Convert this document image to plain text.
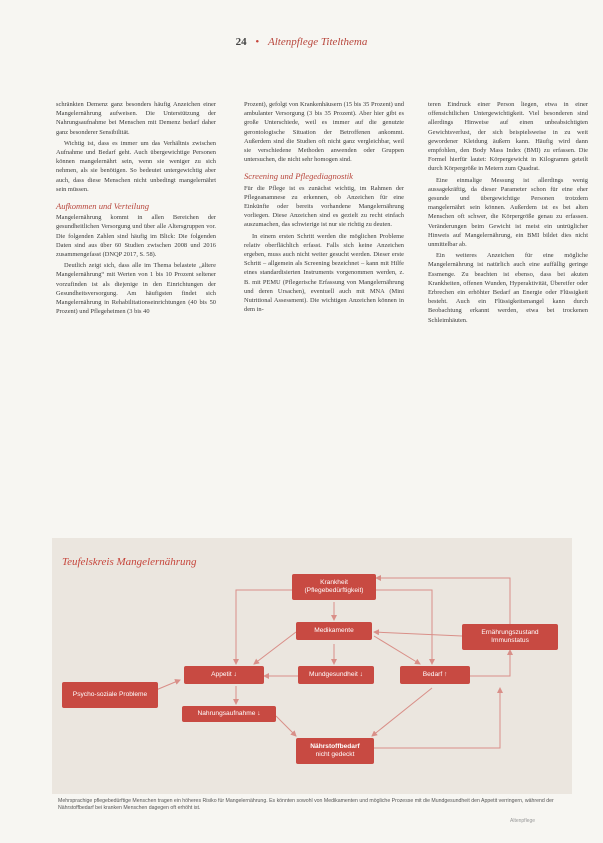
24 • Altenpflege Titelthema

schränkten Demenz ganz besonders häufig Anzeichen einer Mangelernährung aufweisen. Die Unterstützung der Nahrungsaufnahme bei Menschen mit Demenz bedarf daher ganz besonderer Sensibilität.

Wichtig ist, dass es immer um das Verhältnis zwischen Aufnahme und Bedarf geht. Auch übergewichtige Personen können mangelernährt sein, wenn sie weniger zu sich nehmen, als sie benötigen. So bedeutet untergewichtig aber auch, dass diese Menschen nicht unbedingt mangelernährt sein müssen.

Aufkommen und Verteilung

Mangelernährung kommt in allen Bereichen der gesundheitlichen Versorgung und über alle Altersgruppen vor. Die folgenden Zahlen sind häufig im Blick: Die folgenden Daten sind aus über 60 Studien zwischen 2008 und 2016 zusammengefasst (DNQP 2017, S. 58).

Deutlich zeigt sich, dass alle im Thema belastete „ältere Mangelernährung“ mit Werten von 1 bis 10 Prozent seltener vorzufinden ist als diejenige in den Einrichtungen der Gesundheitsversorgung. Am häufigsten findet sich Mangelernährung in Rehabilitationseinrichtungen (40 bis 50 Prozent) und Pflegeheimen (3 bis 40

Prozent), gefolgt von Krankenhäusern (15 bis 35 Prozent) und ambulanter Versorgung (3 bis 35 Prozent). Aber hier gibt es große Unterschiede, weil es immer auf die genutzte gerontologische Situation der Betroffenen ankommt. Außerdem sind die Studien oft nicht ganz vergleichbar, weil sie verschiedene Methoden anwenden oder Gruppen untersuchen, die nicht sehr homogen sind.

Screening und Pflegediagnostik

Für die Pflege ist es zunächst wichtig, im Rahmen der Pflegeanamnese zu erkennen, ob Anzeichen für eine Einkünfte oder bereits vorhandene Mangelernährung vorliegen. Diese Anzeichen sind es gezielt zu recht einfach auszumachen, das schwierige ist nur sie richtig zu deuten.

In einem ersten Schritt werden die möglichen Probleme relativ oberflächlich erfasst. Falls sich keine Anzeichen ergeben, muss auch nicht weiter gesucht werden. Dieser erste Schritt – allgemein als Screening bezeichnet – kann mit Hilfe eines standardisierten Instruments vorgenommen werden, z. B. mit PEMU (Pflegerische Erfassung von Mangelernährung und deren Ursachen), eventuell auch mit MNA (Mini Nutritional Assessment). Die wichtigen Anzeichen können in dem in-

teren Eindruck einer Person liegen, etwa in einer offensichtlichen Untergewichtigkeit. Viel besonderen sind allerdings Hinweise auf einen unbeabsichtigten Gewichtsverlust, der sich beispielsweise in zu weit gewordener Kleidung äußern kann. Häufig wird dann empfohlen, den Body Mass Index (BMI) zu erfassen. Die Formel hierfür lautet: Körpergewicht in Kilogramm geteilt durch Körpergröße in Metern zum Quadrat.

Eine einmalige Messung ist allerdings wenig aussagekräftig, da dieser Parameter schon für eine eher gesunde und übergewichtige Personen trotzdem mangelernährt sein können. Außerdem ist es bei alten Menschen oft schwer, die Körpergröße genau zu erfassen. Veränderungen beim Gewicht ist meist ein untrüglicher Hinweis auf Mangelernährung, ein BMI bildet dies nicht unmittelbar ab.

Ein weiteres Anzeichen für eine mögliche Mangelernährung ist natürlich auch eine auffällig geringe Essmenge. Zu beachten ist ebenso, dass bei akuten Krankheiten, offenen Wunden, Hyperaktivität, Übereifer oder Erbrechen ein erhöhter Bedarf an Energie oder Flüssigkeit besteht. Auch ein Flüssigkeitsmangel kann durch Beobachtung erkannt werden, etwa bei trockenen Schleimhäuten.

Teufelskreis Mangelernährung
Krankheit (Pflegebedürftigkeit)
Medikamente	Ernährungszustand Immunstatus
Psycho-soziale Probleme
Appetit ↓	Mundgesundheit ↓	Bedarf ↑
Nahrungsaufnahme ↓
Nährstoffbedarf
nicht gedeckt
Mehrsprachige pflegebedürftige Menschen tragen ein höheres Risiko für Mangelernährung. Es könnten sowohl von Medikamenten und mögliche Prozesse mit die Mundgesundheit den Appetit verringern, während der Nährstoffbedarf bei kranken Menschen dagegen oft erhöht ist.
Altenpflege
